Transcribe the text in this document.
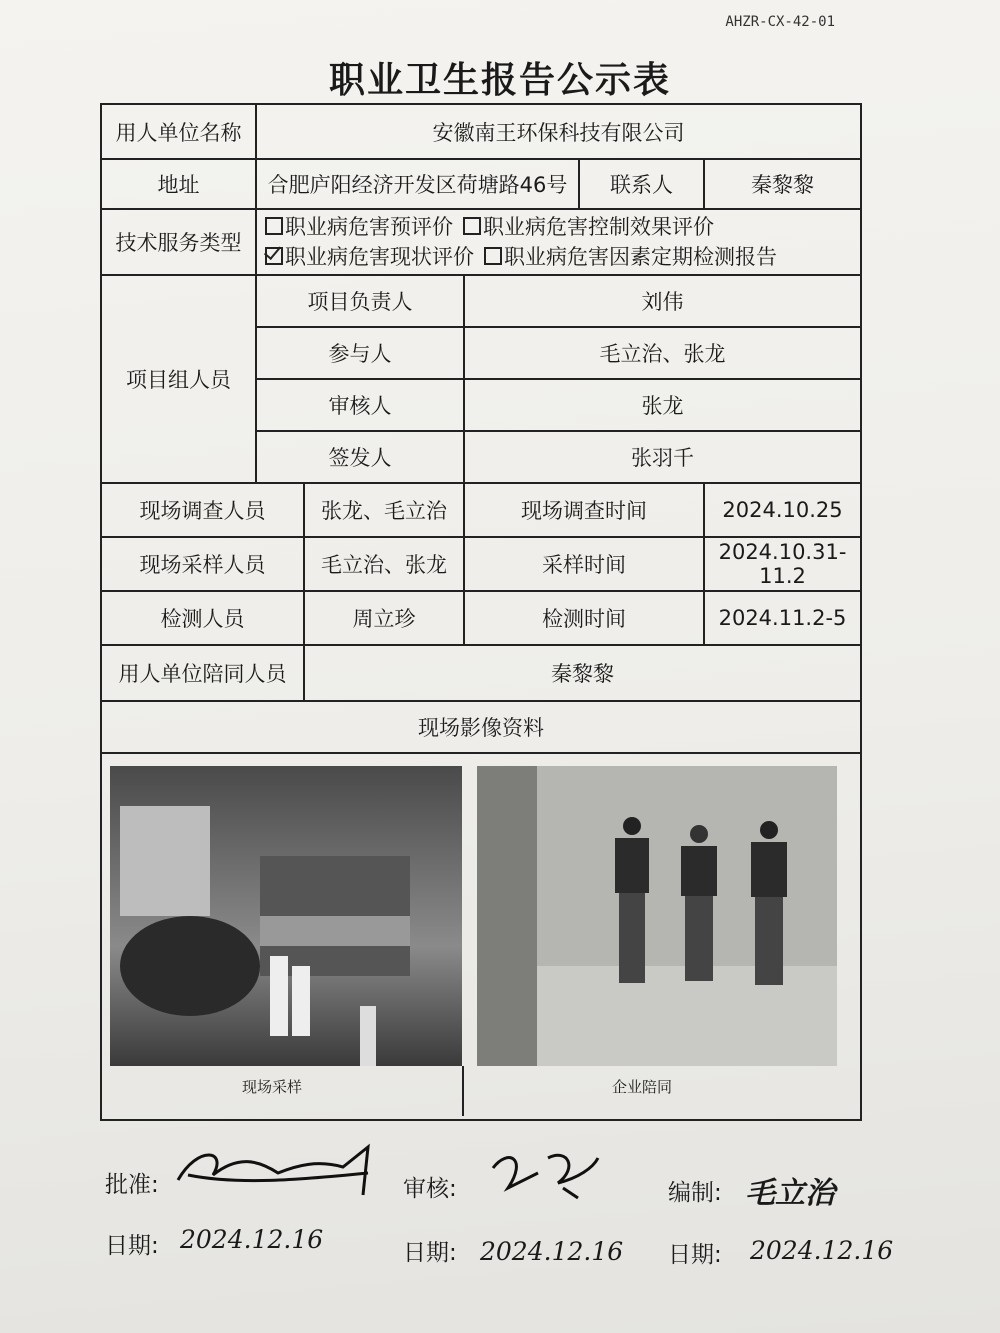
AHZR-CX-42-01
职业卫生报告公示表
用人单位名称	安徽南王环保科技有限公司				
地址	合肥庐阳经济开发区荷塘路46号			联系人	秦黎黎
技术服务类型	职业病危害预评价 职业病危害控制效果评价
职业病危害现状评价 职业病危害因素定期检测报告				
项目组人员	项目负责人		刘伟		
	参与人		毛立治、张龙		
	审核人		张龙		
	签发人		张羽千		
现场调查人员		张龙、毛立治	现场调查时间		2024.10.25
现场采样人员		毛立治、张龙	采样时间		2024.10.31-11.2
检测人员		周立珍	检测时间		2024.11.2-5
用人单位陪同人员		秦黎黎			
现场影像资料					

现场采样 企业陪同					
批准:	审核:	编制: 毛立治
日期: 2024.12.16	日期: 2024.12.16 日期: 2024.12.16
